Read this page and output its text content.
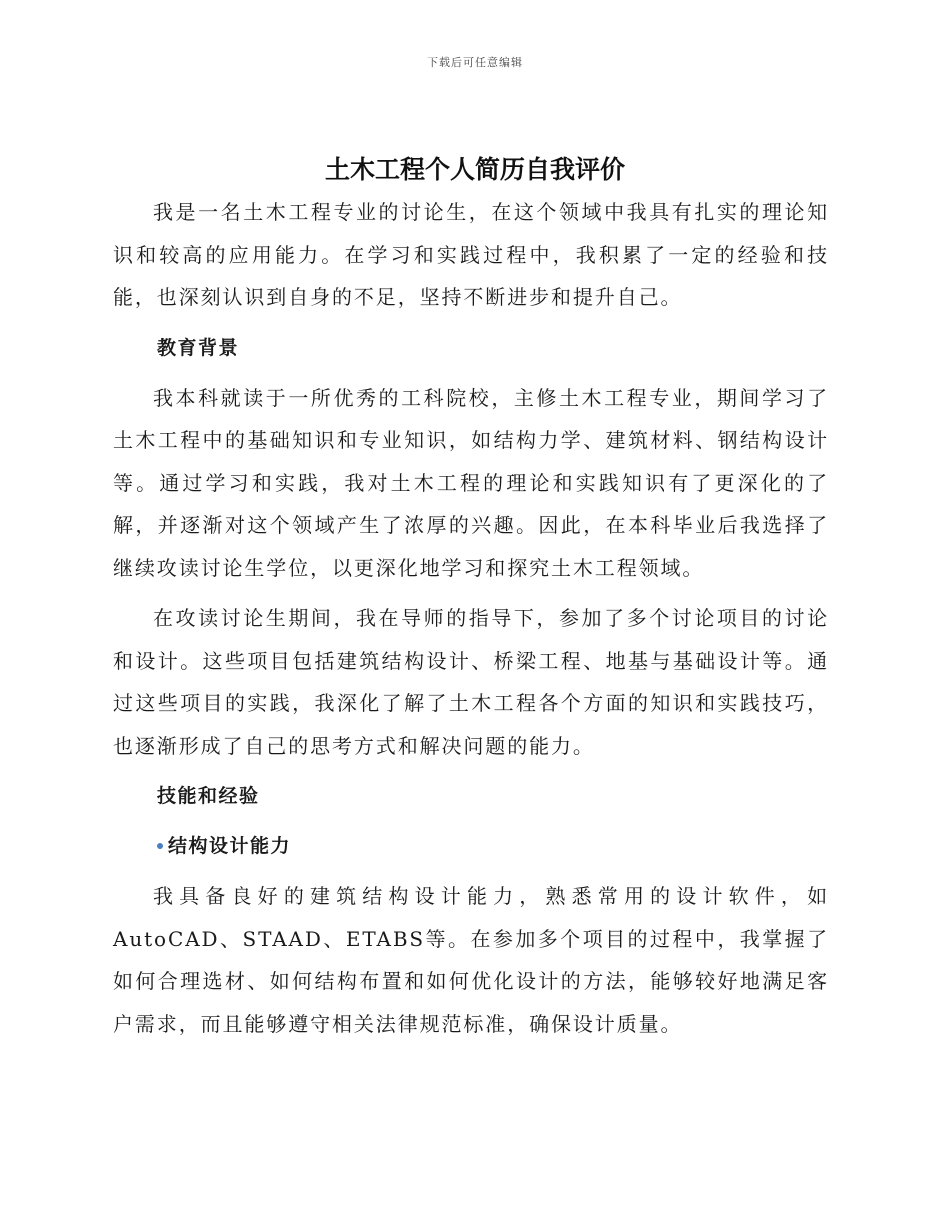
下载后可任意编辑
土木工程个人简历自我评价

我是一名土木工程专业的讨论生，在这个领域中我具有扎实的理论知识和较高的应用能力。在学习和实践过程中，我积累了一定的经验和技能，也深刻认识到自身的不足，坚持不断进步和提升自己。

教育背景

我本科就读于一所优秀的工科院校，主修土木工程专业，期间学习了土木工程中的基础知识和专业知识，如结构力学、建筑材料、钢结构设计等。通过学习和实践，我对土木工程的理论和实践知识有了更深化的了解，并逐渐对这个领域产生了浓厚的兴趣。因此，在本科毕业后我选择了继续攻读讨论生学位，以更深化地学习和探究土木工程领域。

在攻读讨论生期间，我在导师的指导下，参加了多个讨论项目的讨论和设计。这些项目包括建筑结构设计、桥梁工程、地基与基础设计等。通过这些项目的实践，我深化了解了土木工程各个方面的知识和实践技巧，也逐渐形成了自己的思考方式和解决问题的能力。

技能和经验
结构设计能力

我具备良好的建筑结构设计能力，熟悉常用的设计软件，如AutoCAD、STAAD、ETABS等。在参加多个项目的过程中，我掌握了如何合理选材、如何结构布置和如何优化设计的方法，能够较好地满足客户需求，而且能够遵守相关法律规范标准，确保设计质量。
